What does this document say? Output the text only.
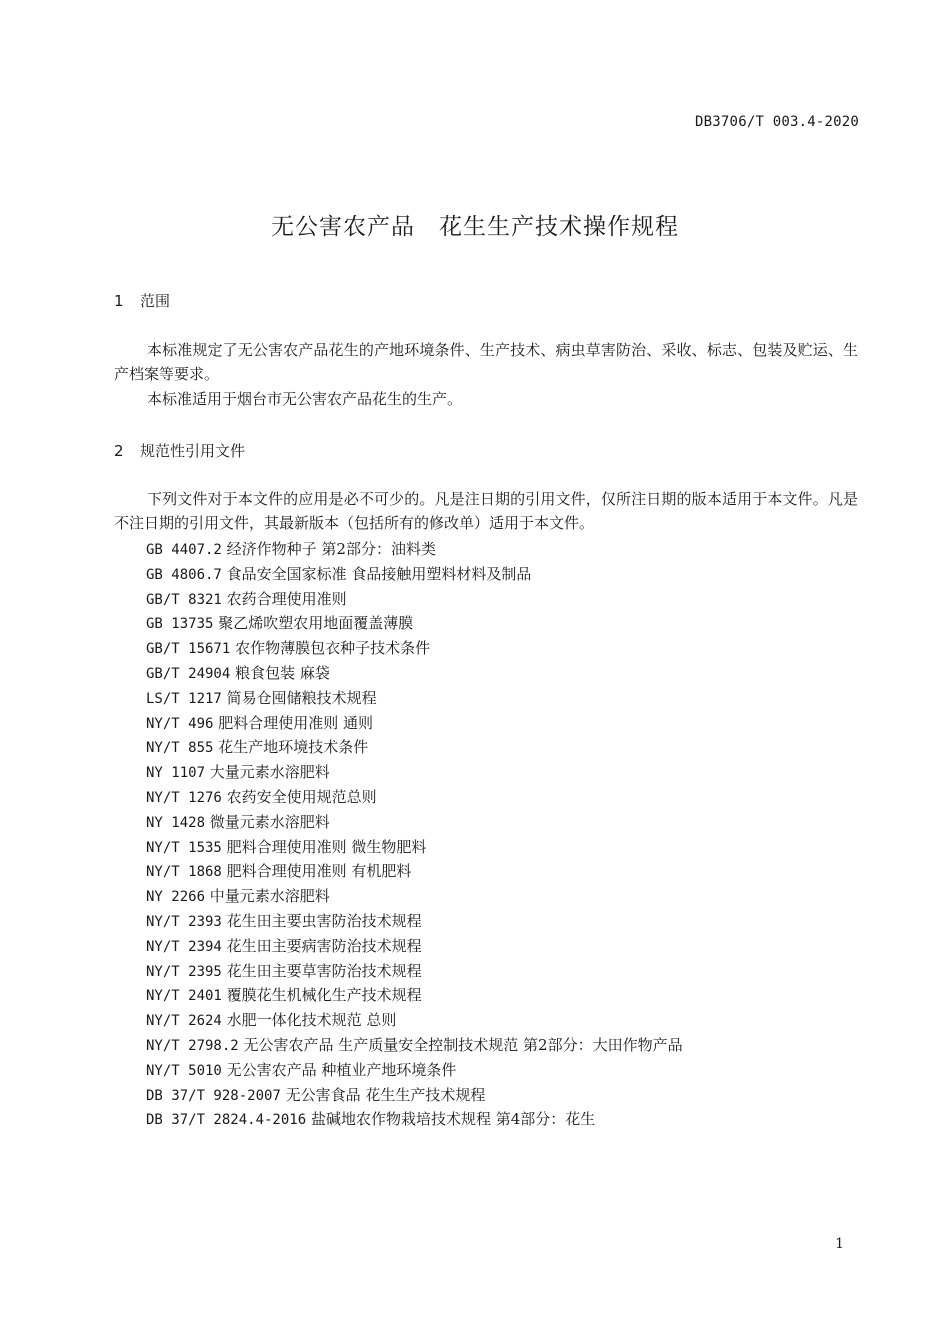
DB3706/T 003.4-2020
无公害农产品　花生生产技术操作规程
1 范围
本标准规定了无公害农产品花生的产地环境条件、生产技术、病虫草害防治、采收、标志、包装及贮运、生产档案等要求。
本标准适用于烟台市无公害农产品花生的生产。
2 规范性引用文件
下列文件对于本文件的应用是必不可少的。凡是注日期的引用文件，仅所注日期的版本适用于本文件。凡是不注日期的引用文件，其最新版本（包括所有的修改单）适用于本文件。
GB 4407.2 经济作物种子 第2部分：油料类
GB 4806.7 食品安全国家标准 食品接触用塑料材料及制品
GB/T 8321 农药合理使用准则
GB 13735 聚乙烯吹塑农用地面覆盖薄膜
GB/T 15671 农作物薄膜包衣种子技术条件
GB/T 24904 粮食包装 麻袋
LS/T 1217 简易仓囤储粮技术规程
NY/T 496 肥料合理使用准则 通则
NY/T 855 花生产地环境技术条件
NY 1107 大量元素水溶肥料
NY/T 1276 农药安全使用规范总则
NY 1428 微量元素水溶肥料
NY/T 1535 肥料合理使用准则 微生物肥料
NY/T 1868 肥料合理使用准则 有机肥料
NY 2266 中量元素水溶肥料
NY/T 2393 花生田主要虫害防治技术规程
NY/T 2394 花生田主要病害防治技术规程
NY/T 2395 花生田主要草害防治技术规程
NY/T 2401 覆膜花生机械化生产技术规程
NY/T 2624 水肥一体化技术规范 总则
NY/T 2798.2 无公害农产品 生产质量安全控制技术规范 第2部分：大田作物产品
NY/T 5010 无公害农产品 种植业产地环境条件
DB 37/T 928-2007 无公害食品 花生生产技术规程
DB 37/T 2824.4-2016 盐碱地农作物栽培技术规程 第4部分：花生
1
